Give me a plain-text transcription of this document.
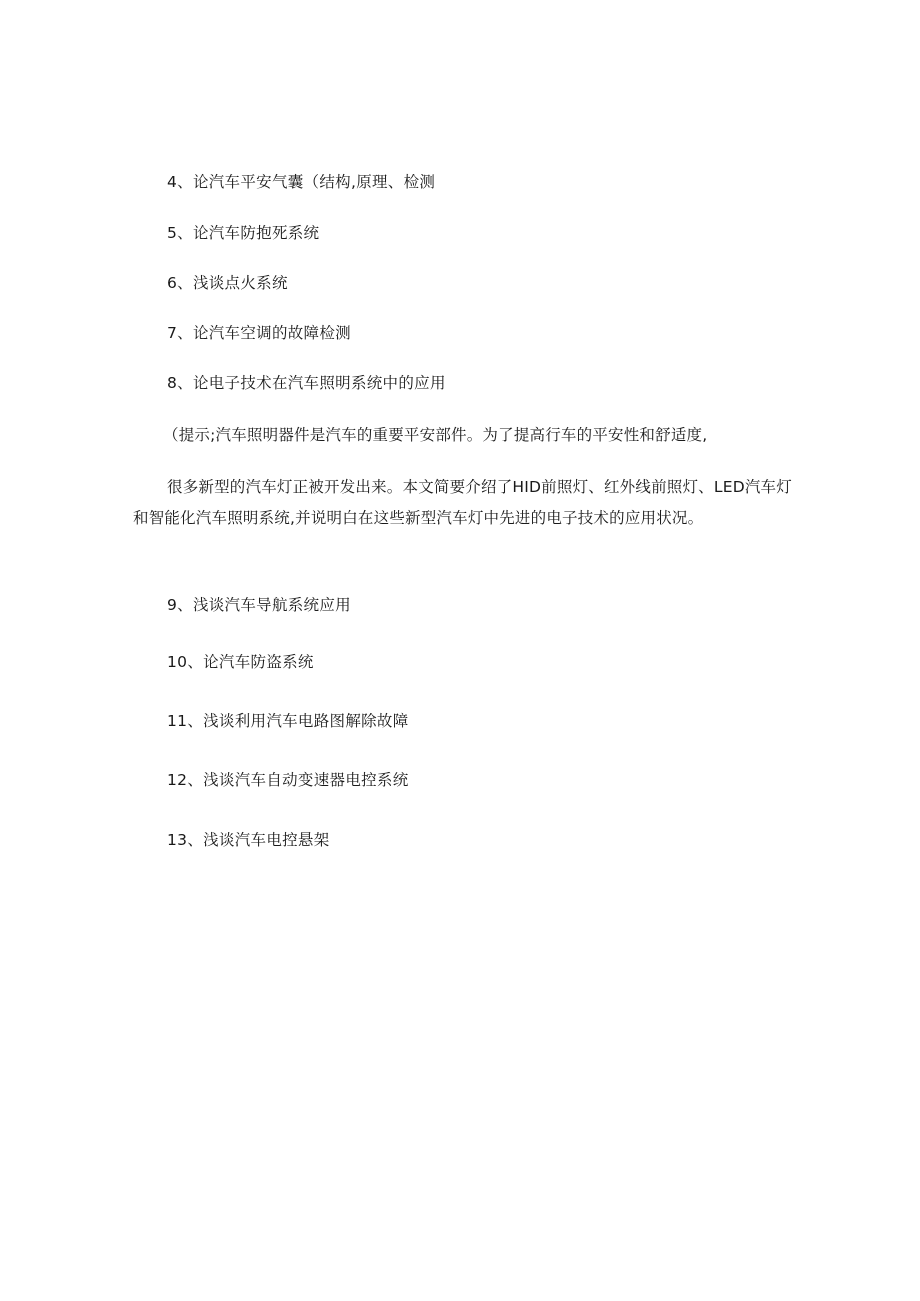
4、论汽车平安气囊（结构,原理、检测
5、论汽车防抱死系统
6、浅谈点火系统
7、论汽车空调的故障检测
8、论电子技术在汽车照明系统中的应用
（提示;汽车照明器件是汽车的重要平安部件。为了提高行车的平安性和舒适度,
很多新型的汽车灯正被开发出来。本文简要介绍了HID前照灯、红外线前照灯、LED汽车灯和智能化汽车照明系统,并说明白在这些新型汽车灯中先进的电子技术的应用状况。
9、浅谈汽车导航系统应用
10、论汽车防盗系统
11、浅谈利用汽车电路图解除故障
12、浅谈汽车自动变速器电控系统
13、浅谈汽车电控悬架
